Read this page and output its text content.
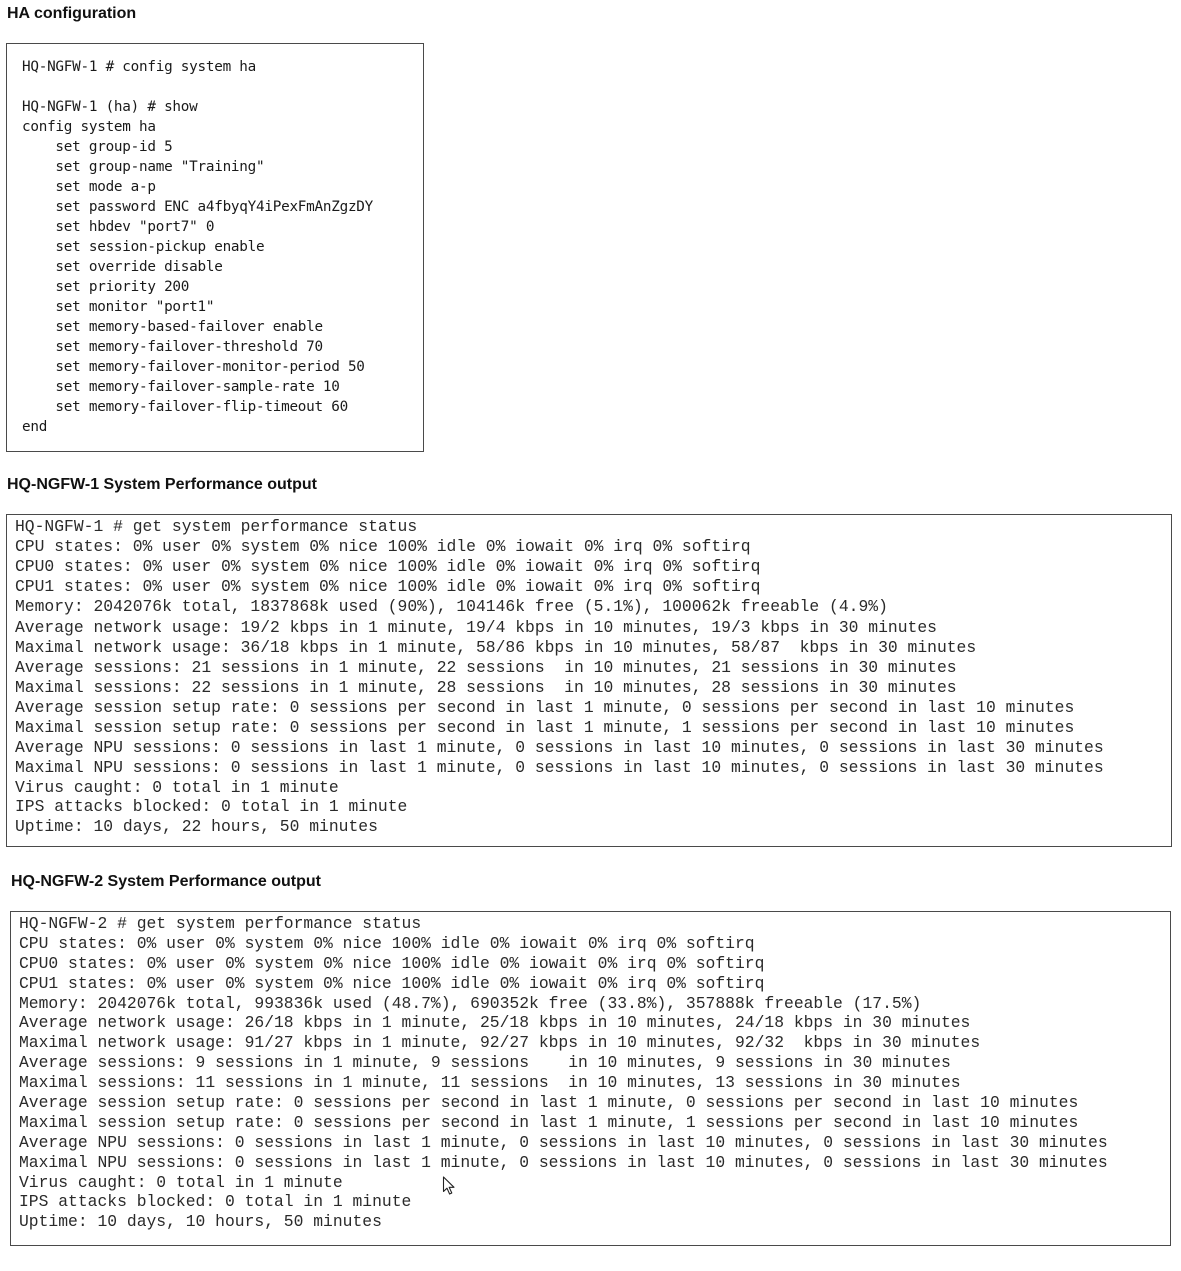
HA configuration
HQ-NGFW-1 # config system ha
HQ-NGFW-1 (ha) # show
config system ha
set group-id 5
set group-name "Training"
set mode a-p
set password ENC a4fbyqY4iPexFmAnZgzDY
set hbdev "port7" 0
set session-pickup enable
set override disable
set priority 200
set monitor "port1"
set memory-based-failover enable
set memory-failover-threshold 70
set memory-failover-monitor-period 50
set memory-failover-sample-rate 10
set memory-failover-flip-timeout 60
end
HQ-NGFW-1 System Performance output
HQ-NGFW-1 # get system performance status
CPU states: 0% user 0% system 0% nice 100% idle 0% iowait 0% irq 0% softirq
CPU0 states: 0% user 0% system 0% nice 100% idle 0% iowait 0% irq 0% softirq
CPU1 states: 0% user 0% system 0% nice 100% idle 0% iowait 0% irq 0% softirq
Memory: 2042076k total, 1837868k used (90%), 104146k free (5.1%), 100062k freeable (4.9%)
Average network usage: 19/2 kbps in 1 minute, 19/4 kbps in 10 minutes, 19/3 kbps in 30 minutes
Maximal network usage: 36/18 kbps in 1 minute, 58/86 kbps in 10 minutes, 58/87  kbps in 30 minutes
Average sessions: 21 sessions in 1 minute, 22 sessions  in 10 minutes, 21 sessions in 30 minutes
Maximal sessions: 22 sessions in 1 minute, 28 sessions  in 10 minutes, 28 sessions in 30 minutes
Average session setup rate: 0 sessions per second in last 1 minute, 0 sessions per second in last 10 minutes
Maximal session setup rate: 0 sessions per second in last 1 minute, 1 sessions per second in last 10 minutes
Average NPU sessions: 0 sessions in last 1 minute, 0 sessions in last 10 minutes, 0 sessions in last 30 minutes
Maximal NPU sessions: 0 sessions in last 1 minute, 0 sessions in last 10 minutes, 0 sessions in last 30 minutes
Virus caught: 0 total in 1 minute
IPS attacks blocked: 0 total in 1 minute
Uptime: 10 days, 22 hours, 50 minutes
HQ-NGFW-2 System Performance output
HQ-NGFW-2 # get system performance status
CPU states: 0% user 0% system 0% nice 100% idle 0% iowait 0% irq 0% softirq
CPU0 states: 0% user 0% system 0% nice 100% idle 0% iowait 0% irq 0% softirq
CPU1 states: 0% user 0% system 0% nice 100% idle 0% iowait 0% irq 0% softirq
Memory: 2042076k total, 993836k used (48.7%), 690352k free (33.8%), 357888k freeable (17.5%)
Average network usage: 26/18 kbps in 1 minute, 25/18 kbps in 10 minutes, 24/18 kbps in 30 minutes
Maximal network usage: 91/27 kbps in 1 minute, 92/27 kbps in 10 minutes, 92/32  kbps in 30 minutes
Average sessions: 9 sessions in 1 minute, 9 sessions    in 10 minutes, 9 sessions in 30 minutes
Maximal sessions: 11 sessions in 1 minute, 11 sessions  in 10 minutes, 13 sessions in 30 minutes
Average session setup rate: 0 sessions per second in last 1 minute, 0 sessions per second in last 10 minutes
Maximal session setup rate: 0 sessions per second in last 1 minute, 1 sessions per second in last 10 minutes
Average NPU sessions: 0 sessions in last 1 minute, 0 sessions in last 10 minutes, 0 sessions in last 30 minutes
Maximal NPU sessions: 0 sessions in last 1 minute, 0 sessions in last 10 minutes, 0 sessions in last 30 minutes
Virus caught: 0 total in 1 minute
IPS attacks blocked: 0 total in 1 minute
Uptime: 10 days, 10 hours, 50 minutes
